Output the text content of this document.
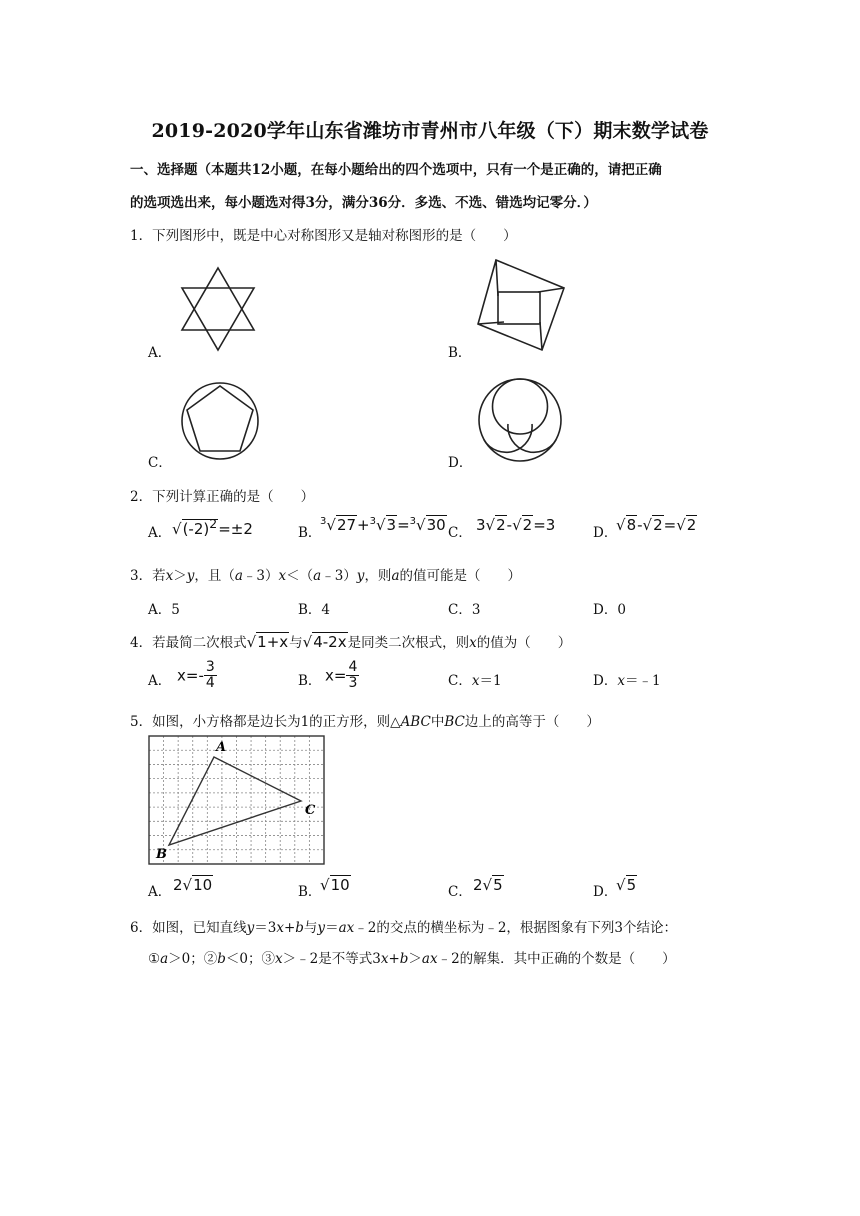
2019-2020学年山东省潍坊市青州市八年级（下）期末数学试卷
一、选择题（本题共12小题，在每小题给出的四个选项中，只有一个是正确的，请把正确
的选项选出来，每小题选对得3分，满分36分．多选、不选、错选均记零分．）
1．下列图形中，既是中心对称图形又是轴对称图形的是（　　）
A．	B．
C．	D．
2．下列计算正确的是（　　）
A． $√(-2)^2=\pm 2$	B．
$^3$√27+$^3$√3=$^3$√30 C． 3√2-√2=3	D．
√8-√2=√2
3．若x＞y，且（a﹣3）x＜（a﹣3）y，则a的值可能是（　　）
A．5	B．4	C．3	D．0
4．若最简二次根式√1+x与√4-2x是同类二次根式，则x的值为（　　）
A． $x=- \frac{3}{4}$	B． $x= \frac{4}{3}$	C．x＝1	D．x＝﹣1
5．如图，小方格都是边长为1的正方形，则△ABC中BC边上的高等于（　　）
A
C
B
A． 2√10	B．
√10	C． 2√5	D．
√5
6．如图，已知直线y＝3x+b与y＝ax﹣2的交点的横坐标为﹣2，根据图象有下列3个结论：
①a＞0；②b＜0；③x＞﹣2是不等式3x+b＞ax﹣2的解集．其中正确的个数是（　　）
